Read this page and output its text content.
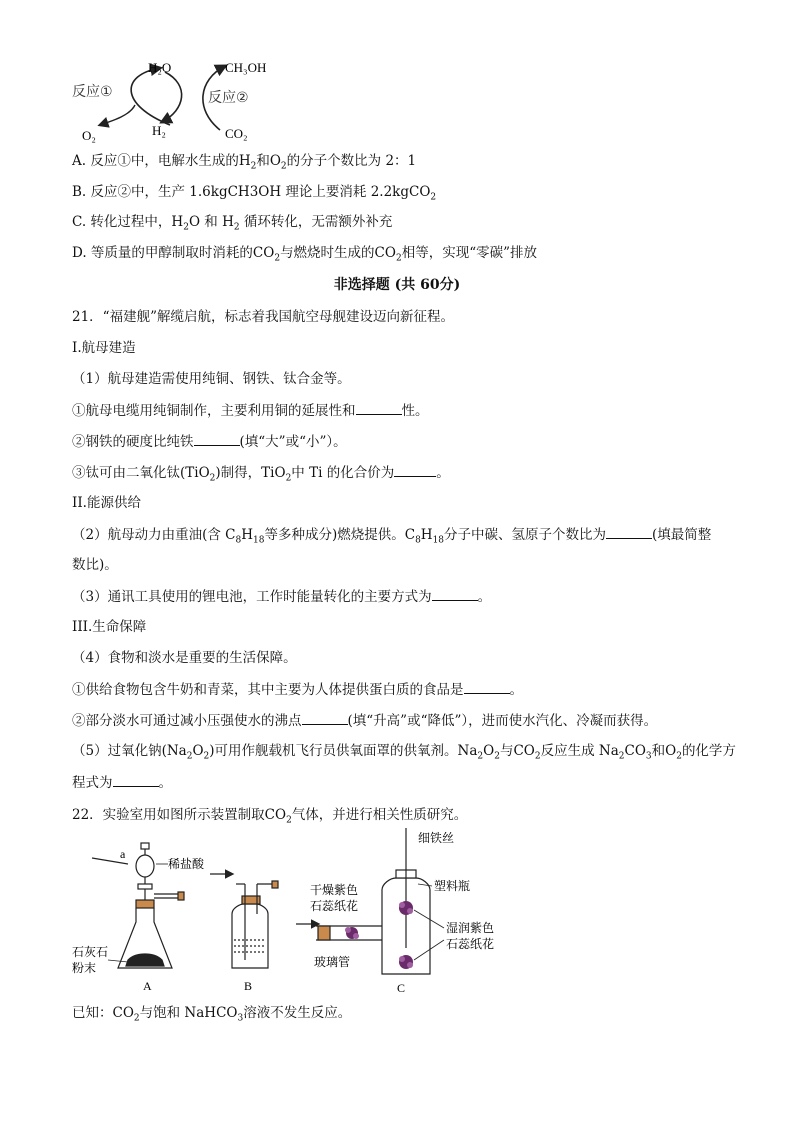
H₂O	CH₃OH
反应①	反应②
O₂	H₂	CO₂
A. 反应①中，电解水生成的$H_2$和$O_2$的分子个数比为 2：1
B. 反应②中，生产 1.6kgCH3OH 理论上要消耗 2.2kgCO$_2$
C. 转化过程中，$H_2O$ 和 $H_2$ 循环转化，无需额外补充
D. 等质量的甲醇制取时消耗的$CO_2$与燃烧时生成的$CO_2$相等，实现“零碳”排放
非选择题 (共 60分)
21．“福建舰”解缆启航，标志着我国航空母舰建设迈向新征程。
I.航母建造
（1）航母建造需使用纯铜、钢铁、钛合金等。
①航母电缆用纯铜制作，主要利用铜的延展性和	性。
②钢铁的硬度比纯铁	(填“大”或“小”）。
③钛可由二氧化钛(TiO$_2$)制得，TiO$_2$中 Ti 的化合价为	。
II.能源供给
（2）航母动力由重油(含 $C_8H_{18}$等多种成分)燃烧提供。$C_8H_{18}$分子中碳、氢原子个数比为	(填最简整
数比)。
（3）通讯工具使用的锂电池，工作时能量转化的主要方式为	。
III.生命保障
（4）食物和淡水是重要的生活保障。
①供给食物包含牛奶和青菜，其中主要为人体提供蛋白质的食品是	。
②部分淡水可通过减小压强使水的沸点	(填“升高”或“降低”），进而使水汽化、冷凝而获得。
（5）过氧化钠$(Na_2O_2)$可用作舰载机飞行员供氧面罩的供氧剂。$Na_2O_2$与$CO_2$反应生成 $Na_2CO_3$和$O_2$的化学方
程式为	。
22．实验室用如图所示装置制取$CO_2$气体，并进行相关性质研究。
a
稀盐酸
石灰石
粉末
A	B
细铁丝
塑料瓶
干燥紫色
石蕊纸花
湿润紫色
石蕊纸花
玻璃管
C
已知：$CO_2$与饱和 NaHCO$_3$溶液不发生反应。
